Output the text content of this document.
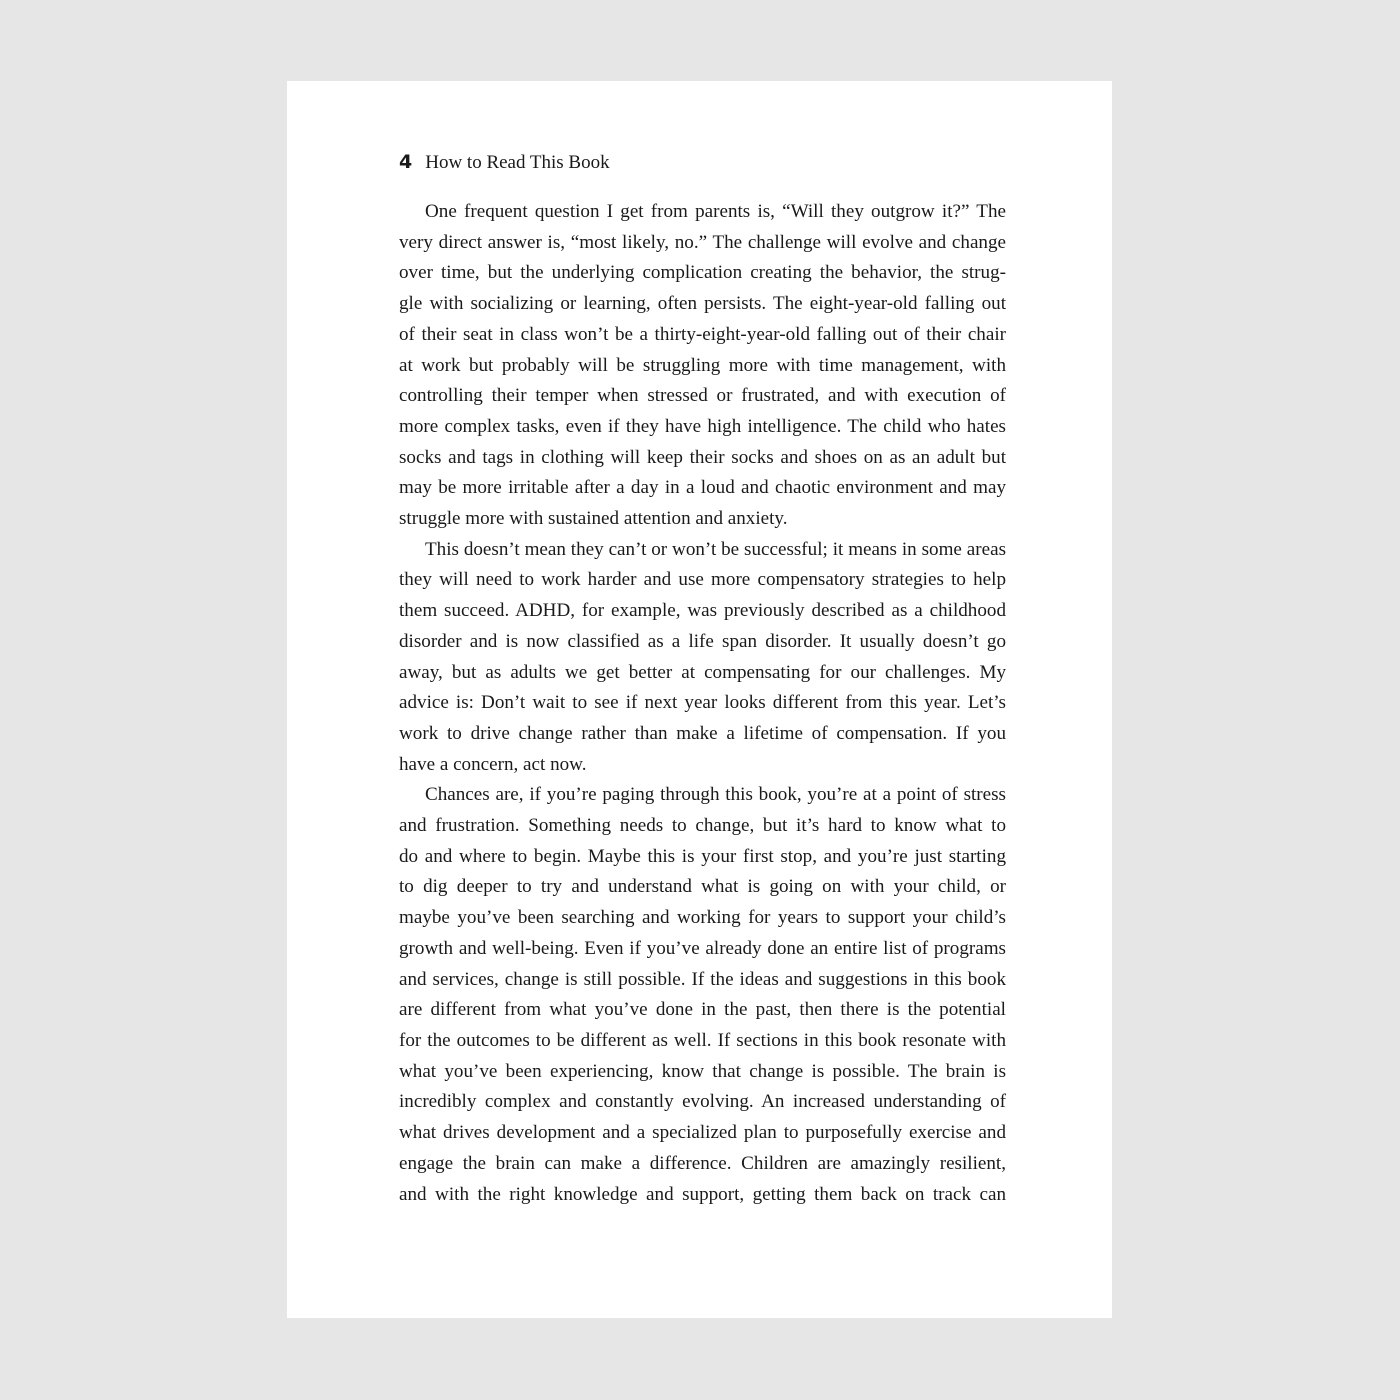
4 How to Read This Book

One frequent question I get from parents is, “Will they outgrow it?” The
very direct answer is, “most likely, no.” The challenge will evolve and change
over time, but the underlying complication creating the behavior, the strug-
gle with socializing or learning, often persists. The eight-year-old falling out
of their seat in class won’t be a thirty-eight-year-old falling out of their chair
at work but probably will be struggling more with time management, with
controlling their temper when stressed or frustrated, and with execution of
more complex tasks, even if they have high intelligence. The child who hates
socks and tags in clothing will keep their socks and shoes on as an adult but
may be more irritable after a day in a loud and chaotic environment and may
struggle more with sustained attention and anxiety.

This doesn’t mean they can’t or won’t be successful; it means in some areas
they will need to work harder and use more compensatory strategies to help
them succeed. ADHD, for example, was previously described as a childhood
disorder and is now classified as a life span disorder. It usually doesn’t go
away, but as adults we get better at compensating for our challenges. My
advice is: Don’t wait to see if next year looks different from this year. Let’s
work to drive change rather than make a lifetime of compensation. If you
have a concern, act now.

Chances are, if you’re paging through this book, you’re at a point of stress
and frustration. Something needs to change, but it’s hard to know what to
do and where to begin. Maybe this is your first stop, and you’re just starting
to dig deeper to try and understand what is going on with your child, or
maybe you’ve been searching and working for years to support your child’s
growth and well-being. Even if you’ve already done an entire list of programs
and services, change is still possible. If the ideas and suggestions in this book
are different from what you’ve done in the past, then there is the potential
for the outcomes to be different as well. If sections in this book resonate with
what you’ve been experiencing, know that change is possible. The brain is
incredibly complex and constantly evolving. An increased understanding of
what drives development and a specialized plan to purposefully exercise and
engage the brain can make a difference. Children are amazingly resilient,
and with the right knowledge and support, getting them back on track can
